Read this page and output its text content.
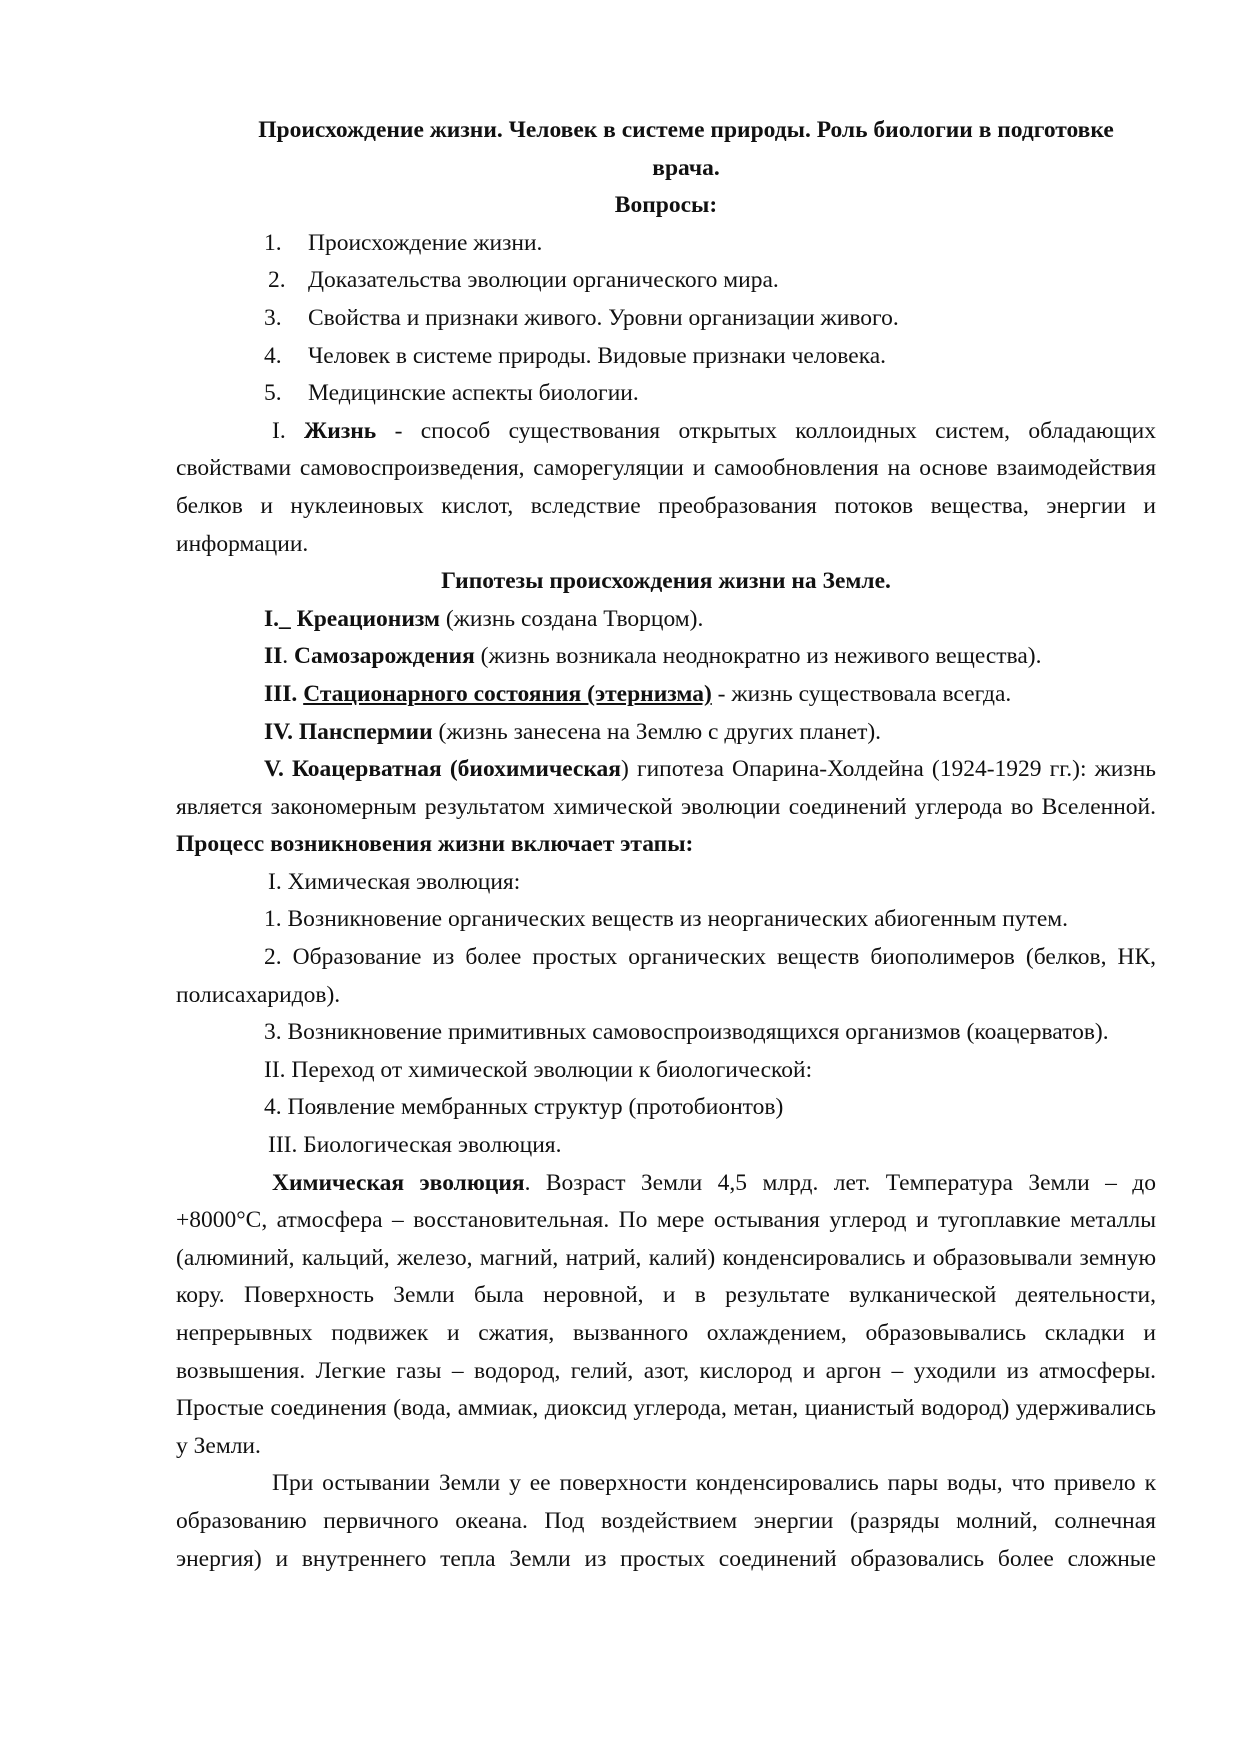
Происхождение жизни. Человек в системе природы. Роль биологии в подготовке врача.
Вопросы:
1.	Происхождение жизни.
2. Доказательства эволюции органического мира.
3.	Свойства и признаки живого. Уровни организации живого.
4.	Человек в системе природы. Видовые признаки человека.
5.	Медицинские аспекты биологии.

I. Жизнь - способ существования открытых коллоидных систем, обладающих свойствами самовоспроизведения, саморегуляции и самообновления на основе взаимодействия белков и нуклеиновых кислот, вследствие преобразования потоков вещества, энергии и информации.

Гипотезы происхождения жизни на Земле.

I._ Креационизм (жизнь создана Творцом).

II. Самозарождения (жизнь возникала неоднократно из неживого вещества).

III. Стационарного состояния (этернизма) - жизнь существовала всегда.

IV. Панспермии (жизнь занесена на Землю с других планет).

V. Коацерватная (биохимическая) гипотеза Опарина-Холдейна (1924-1929 гг.): жизнь является закономерным результатом химической эволюции соединений углерода во Вселенной. Процесс возникновения жизни включает этапы:

I. Химическая эволюция:

1. Возникновение органических веществ из неорганических абиогенным путем.

2. Образование из более простых органических веществ биополимеров (белков, НК, полисахаридов).

3. Возникновение примитивных самовоспроизводящихся организмов (коацерватов).

II. Переход от химической эволюции к биологической:

4. Появление мембранных структур (протобионтов)

III. Биологическая эволюция.

Химическая эволюция. Возраст Земли 4,5 млрд. лет. Температура Земли – до +8000°С, атмосфера – восстановительная. По мере остывания углерод и тугоплавкие металлы (алюминий, кальций, железо, магний, натрий, калий) конденсировались и образовывали земную кору. Поверхность Земли была неровной, и в результате вулканической деятельности, непрерывных подвижек и сжатия, вызванного охлаждением, образовывались складки и возвышения. Легкие газы – водород, гелий, азот, кислород и аргон – уходили из атмосферы. Простые соединения (вода, аммиак, диоксид углерода, метан, цианистый водород) удерживались у Земли.

При остывании Земли у ее поверхности конденсировались пары воды, что привело к образованию первичного океана. Под воздействием энергии (разряды молний, солнечная энергия) и внутреннего тепла Земли из простых соединений образовались более сложные
